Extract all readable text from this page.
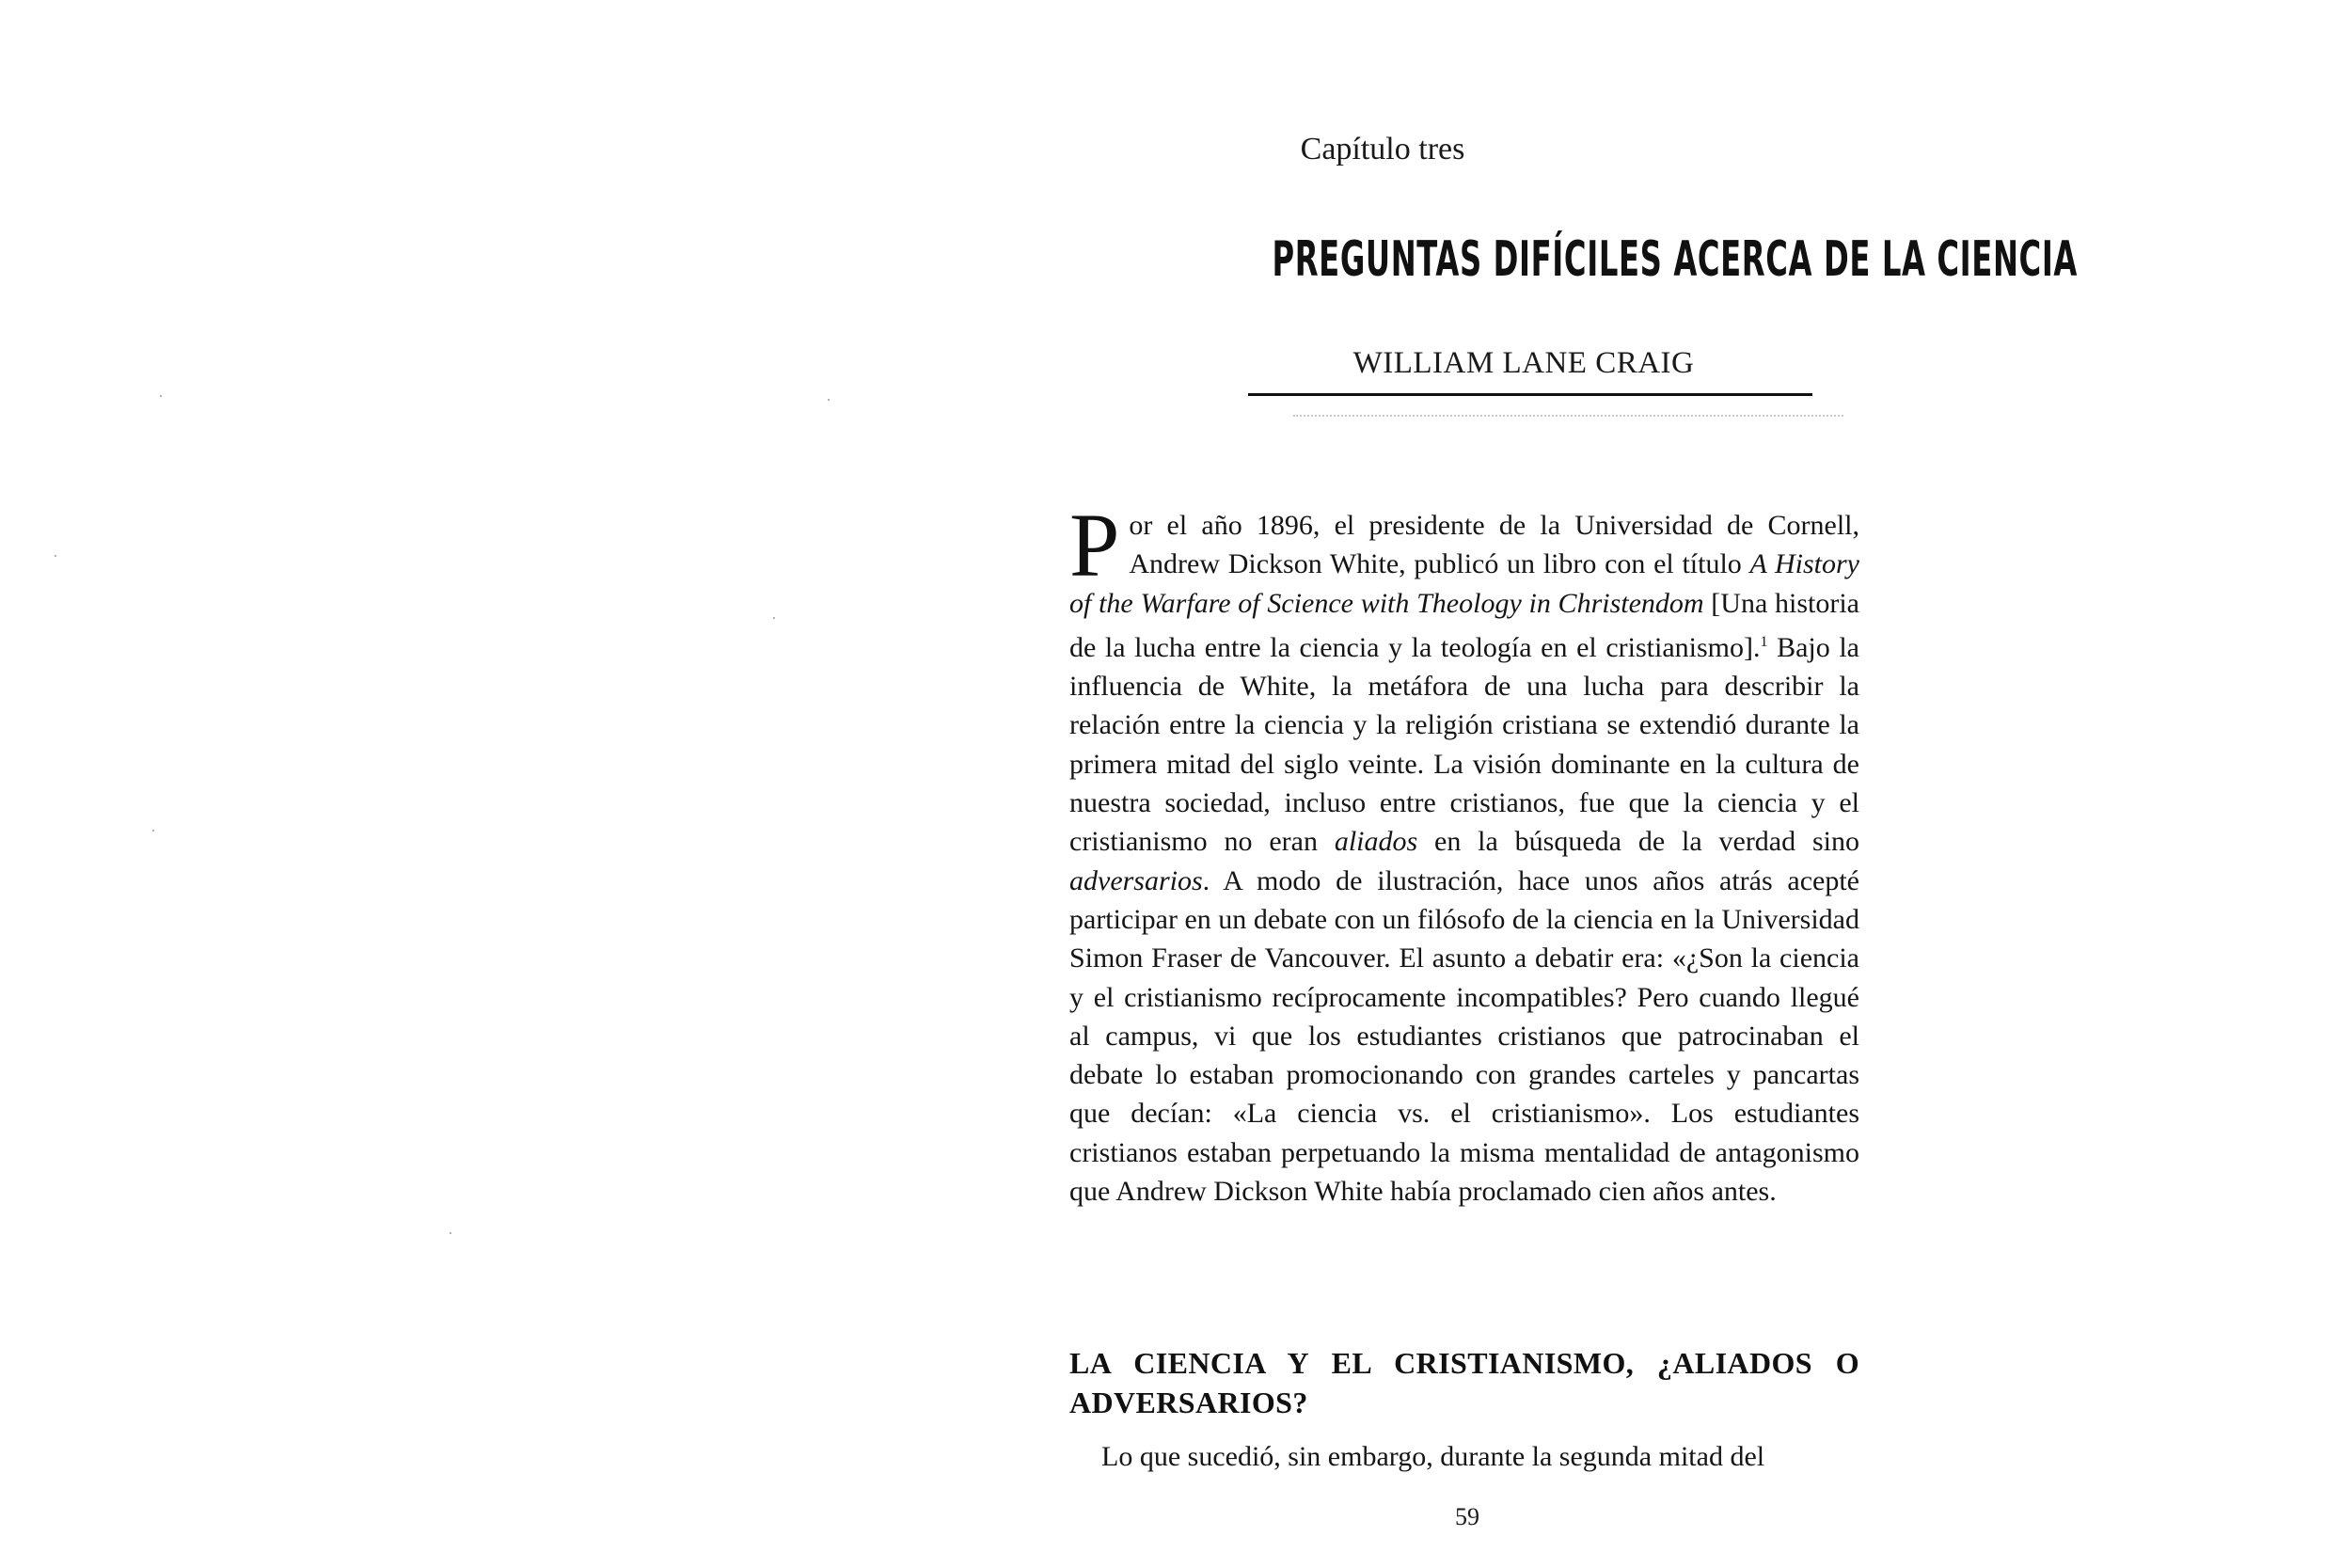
Capítulo tres
PREGUNTAS DIFÍCILES ACERCA DE LA CIENCIA
WILLIAM LANE CRAIG
Por el año 1896, el presidente de la Universidad de Cornell, Andrew Dickson White, publicó un libro con el título A History of the Warfare of Science with Theology in Christendom [Una historia de la lucha entre la ciencia y la teología en el cristianismo].$^1$ Bajo la influencia de White, la metáfora de una lucha para describir la relación entre la ciencia y la religión cristiana se extendió durante la primera mitad del siglo veinte. La visión dominante en la cultura de nuestra sociedad, incluso entre cristianos, fue que la ciencia y el cristianismo no eran aliados en la búsqueda de la verdad sino adversarios. A modo de ilustración, hace unos años atrás acepté participar en un debate con un filósofo de la ciencia en la Universidad Simon Fraser de Vancouver. El asunto a debatir era: «¿Son la ciencia y el cristianismo recíprocamente incompatibles? Pero cuando llegué al campus, vi que los estudiantes cristianos que patrocinaban el debate lo estaban promocionando con grandes carteles y pancartas que decían: «La ciencia vs. el cristianismo». Los estudiantes cristianos estaban perpetuando la misma mentalidad de antagonismo que Andrew Dickson White había proclamado cien años antes.
LA CIENCIA Y EL CRISTIANISMO, ¿ALIADOS O ADVERSARIOS?
Lo que sucedió, sin embargo, durante la segunda mitad del
59
